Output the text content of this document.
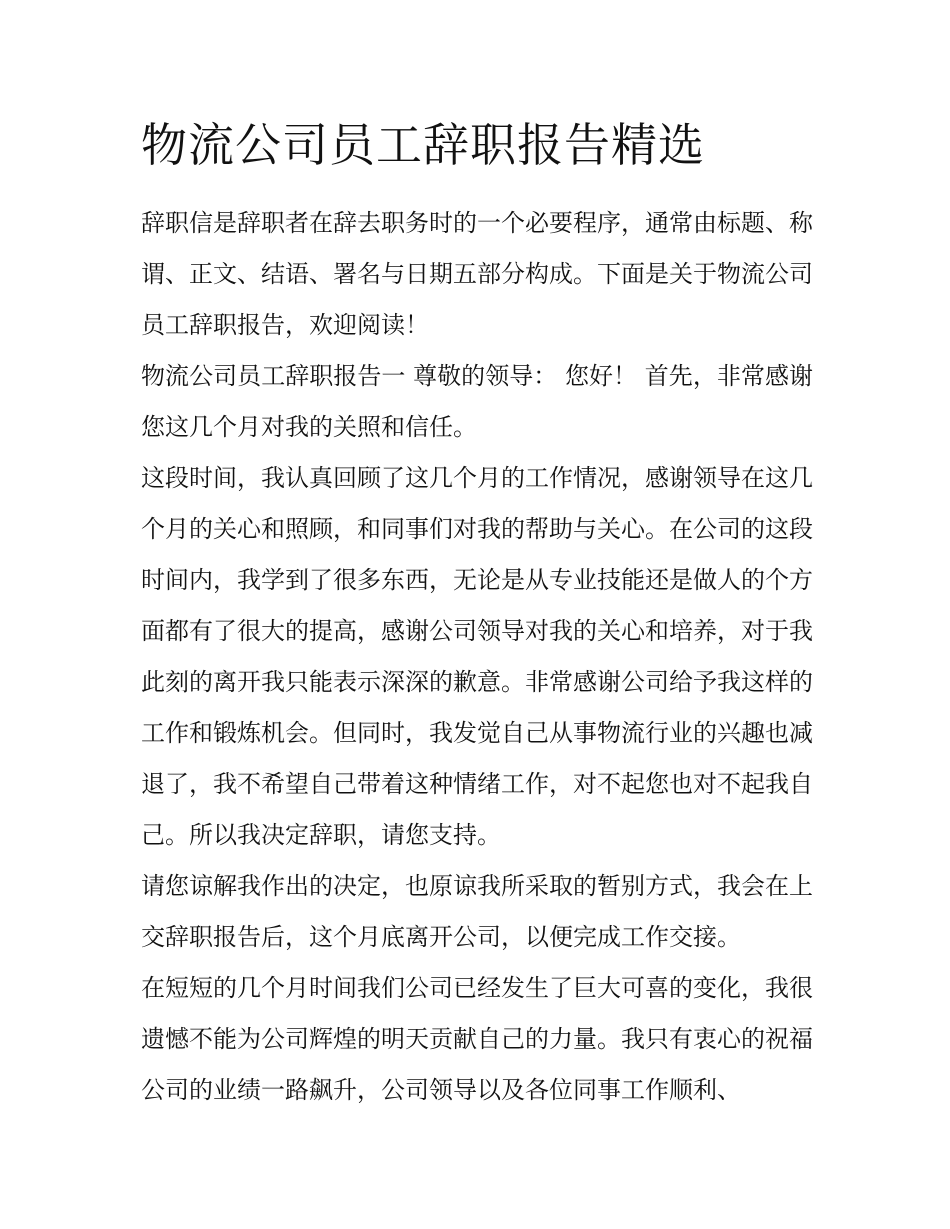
物流公司员工辞职报告精选

辞职信是辞职者在辞去职务时的一个必要程序，通常由标题、称谓、正文、结语、署名与日期五部分构成。下面是关于物流公司员工辞职报告，欢迎阅读！

物流公司员工辞职报告一 尊敬的领导： 您好！ 首先，非常感谢您这几个月对我的关照和信任。

这段时间，我认真回顾了这几个月的工作情况，感谢领导在这几个月的关心和照顾，和同事们对我的帮助与关心。在公司的这段时间内，我学到了很多东西，无论是从专业技能还是做人的个方面都有了很大的提高，感谢公司领导对我的关心和培养，对于我此刻的离开我只能表示深深的歉意。非常感谢公司给予我这样的工作和锻炼机会。但同时，我发觉自己从事物流行业的兴趣也减退了，我不希望自己带着这种情绪工作，对不起您也对不起我自己。所以我决定辞职，请您支持。

请您谅解我作出的决定，也原谅我所采取的暂别方式，我会在上交辞职报告后，这个月底离开公司，以便完成工作交接。

在短短的几个月时间我们公司已经发生了巨大可喜的变化，我很遗憾不能为公司辉煌的明天贡献自己的力量。我只有衷心的祝福公司的业绩一路飙升，公司领导以及各位同事工作顺利、
